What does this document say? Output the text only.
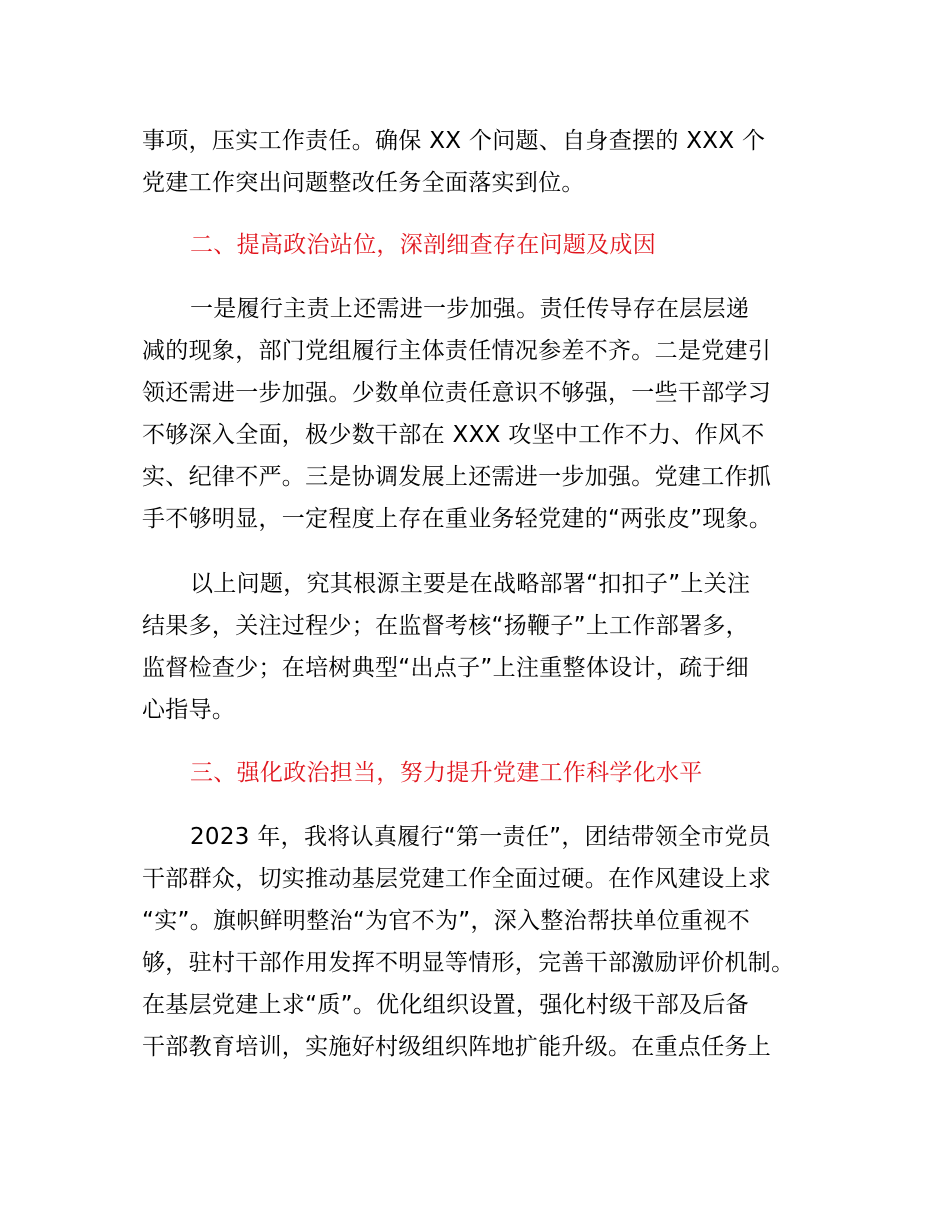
事项，压实工作责任。确保 XX 个问题、自身查摆的 XXX 个
党建工作突出问题整改任务全面落实到位。
二、提高政治站位，深剖细查存在问题及成因
一是履行主责上还需进一步加强。责任传导存在层层递
减的现象，部门党组履行主体责任情况参差不齐。二是党建引
领还需进一步加强。少数单位责任意识不够强，一些干部学习
不够深入全面，极少数干部在 XXX 攻坚中工作不力、作风不
实、纪律不严。三是协调发展上还需进一步加强。党建工作抓
手不够明显，一定程度上存在重业务轻党建的“两张皮”现象。
以上问题，究其根源主要是在战略部署“扣扣子”上关注
结果多，关注过程少；在监督考核“扬鞭子”上工作部署多，
监督检查少；在培树典型“出点子”上注重整体设计，疏于细
心指导。
三、强化政治担当，努力提升党建工作科学化水平
2023 年，我将认真履行“第一责任”，团结带领全市党员
干部群众，切实推动基层党建工作全面过硬。在作风建设上求
“实”。旗帜鲜明整治“为官不为”，深入整治帮扶单位重视不
够，驻村干部作用发挥不明显等情形，完善干部激励评价机制。
在基层党建上求“质”。优化组织设置，强化村级干部及后备
干部教育培训，实施好村级组织阵地扩能升级。在重点任务上
